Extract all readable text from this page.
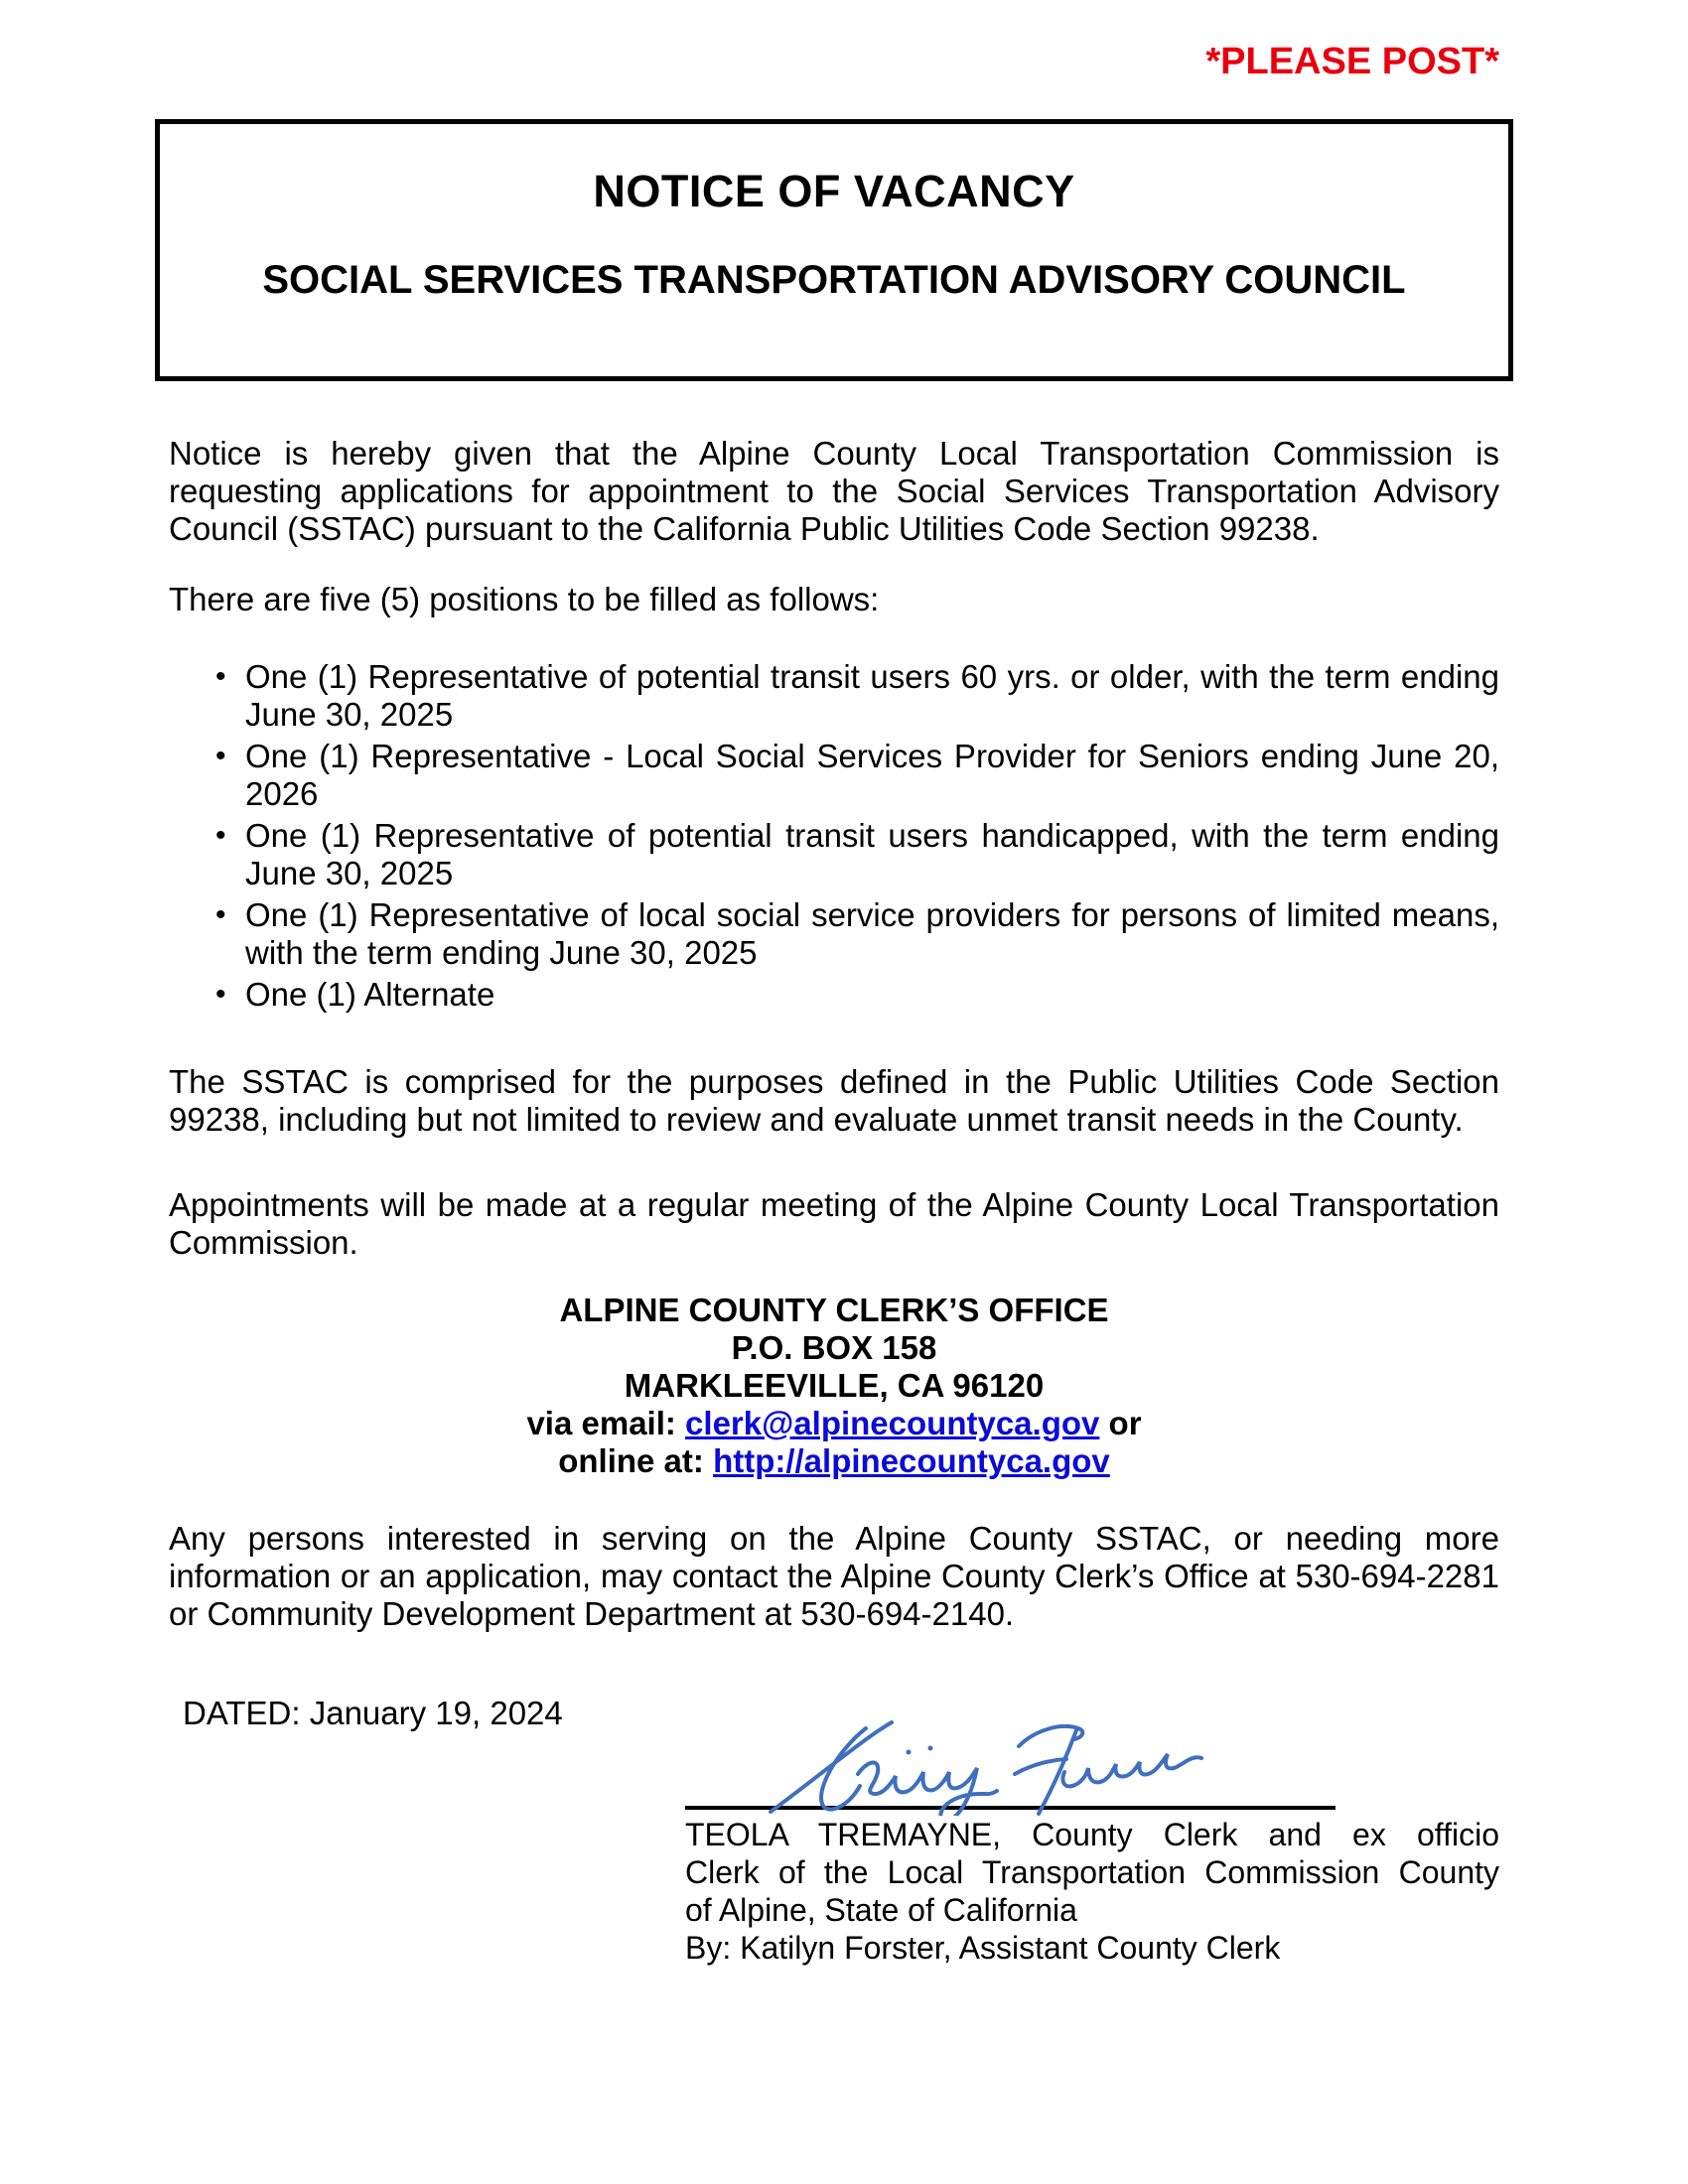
*PLEASE POST*
NOTICE OF VACANCY
SOCIAL SERVICES TRANSPORTATION ADVISORY COUNCIL

Notice is hereby given that the Alpine County Local Transportation Commission is requesting applications for appointment to the Social Services Transportation Advisory Council (SSTAC) pursuant to the California Public Utilities Code Section 99238.

There are five (5) positions to be filled as follows:

• One (1) Representative of potential transit users 60 yrs. or older, with the term ending June 30, 2025
• One (1) Representative - Local Social Services Provider for Seniors ending June 20, 2026
• One (1) Representative of potential transit users handicapped, with the term ending June 30, 2025
• One (1) Representative of local social service providers for persons of limited means, with the term ending June 30, 2025
• One (1) Alternate

The SSTAC is comprised for the purposes defined in the Public Utilities Code Section 99238, including but not limited to review and evaluate unmet transit needs in the County.

Appointments will be made at a regular meeting of the Alpine County Local Transportation Commission.

ALPINE COUNTY CLERK’S OFFICE
P.O. BOX 158
MARKLEEVILLE, CA 96120
via email: clerk@alpinecountyca.gov or
online at: http://alpinecountyca.gov

Any persons interested in serving on the Alpine County SSTAC, or needing more information or an application, may contact the Alpine County Clerk’s Office at 530-694-2281 or Community Development Department at 530-694-2140.

DATED: January 19, 2024
TEOLA TREMAYNE, County Clerk and ex officio
Clerk of the Local Transportation Commission County
of Alpine, State of California
By: Katilyn Forster, Assistant County Clerk
